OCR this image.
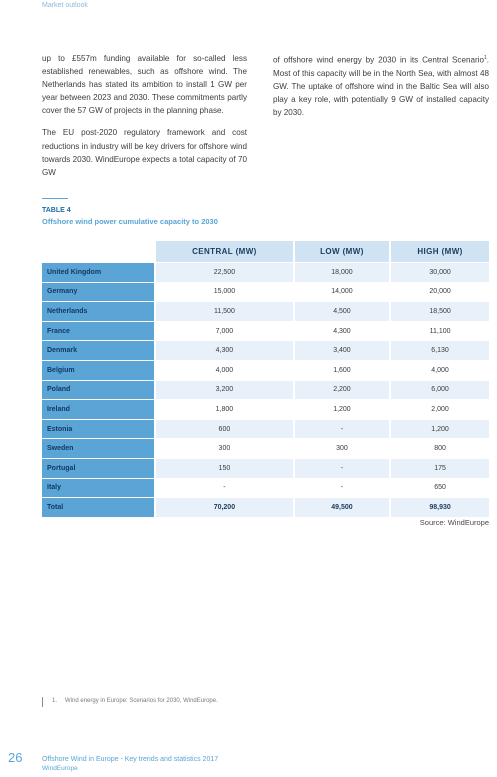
Market outlook

up to £557m funding available for so-called less established renewables, such as offshore wind. The Netherlands has stated its ambition to install 1 GW per year between 2023 and 2030. These commitments partly cover the 57 GW of projects in the planning phase.

The EU post-2020 regulatory framework and cost reductions in industry will be key drivers for offshore wind towards 2030. WindEurope expects a total capacity of 70 GW

of offshore wind energy by 2030 in its Central Scenario$^1$. Most of this capacity will be in the North Sea, with almost 48 GW. The uptake of offshore wind in the Baltic Sea will also play a key role, with potentially 9 GW of installed capacity by 2030.

TABLE 4
Offshore wind power cumulative capacity to 2030
	CENTRAL (MW)	LOW (MW)	HIGH (MW)
United Kingdom	22,500	18,000	30,000
Germany	15,000	14,000	20,000
Netherlands	11,500	4,500	18,500
France	7,000	4,300	11,100
Denmark	4,300	3,400	6,130
Belgium	4,000	1,600	4,000
Poland	3,200	2,200	6,000
Ireland	1,800	1,200	2,000
Estonia	600	-	1,200
Sweden	300	300	800
Portugal	150	-	175
Italy	-	-	650
Total	70,200	49,500	98,930
Source: WindEurope
1. Wind energy in Europe: Scenarios for 2030, WindEurope.
26	Offshore Wind in Europe - Key trends and statistics 2017
WindEurope
